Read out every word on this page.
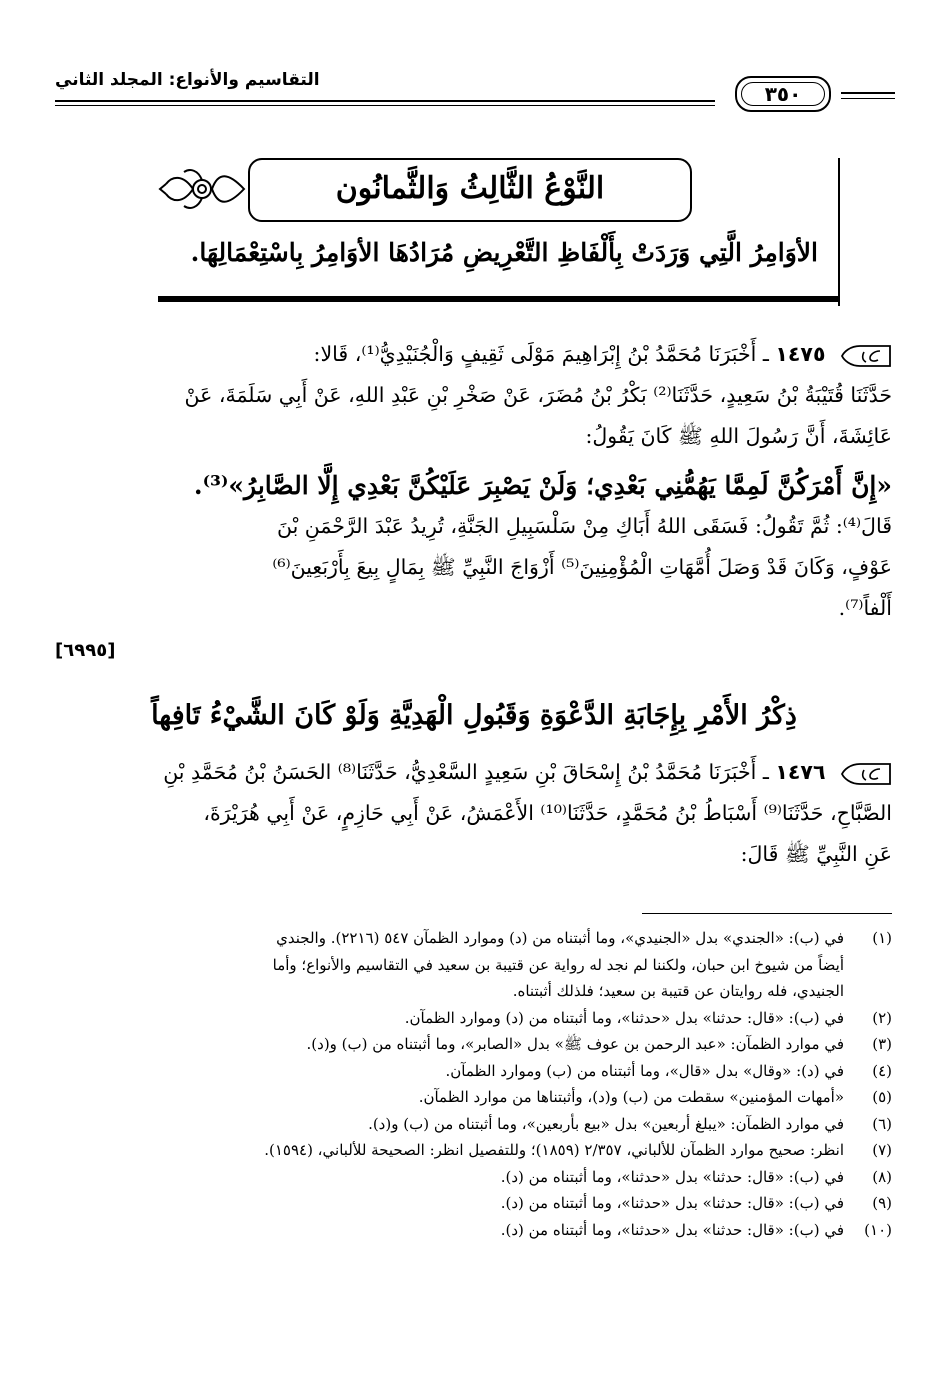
التقاسيم والأنواع: المجلد الثاني
٣٥٠
النَّوْعُ الثَّالِثُ وَالثَّمانُون
الأوَامِرُ الَّتِي وَرَدَتْ بِأَلْفَاظِ التَّعْرِيضِ مُرَادُهَا الأوَامِرُ بِاسْتِعْمَالِهَا.
١٤٧٥ ـ أَخْبَرَنَا مُحَمَّدُ بْنُ إِبْرَاهِيمَ مَوْلَى ثَقِيفٍ وَالْجُنَيْدِيُّ⁽¹⁾، قَالا:
حَدَّثَنَا قُتَيْبَةُ بْنُ سَعِيدٍ، حَدَّثَنَا⁽²⁾ بَكْرُ بْنُ مُضَرَ، عَنْ صَخْرِ بْنِ عَبْدِ اللهِ، عَنْ أَبِي سَلَمَةَ، عَنْ
عَائِشَةَ، أَنَّ رَسُولَ اللهِ ﷺ كَانَ يَقُولُ:
«إِنَّ أَمْرَكُنَّ لَمِمَّا يَهُمُّنِي بَعْدِي؛ وَلَنْ يَصْبِرَ عَلَيْكُنَّ بَعْدِي إِلَّا الصَّابِرُ»⁽³⁾.
قَالَ⁽⁴⁾: ثُمَّ تَقُولُ: فَسَقَى اللهُ أَبَاكِ مِنْ سَلْسَبِيلِ الجَنَّةِ، تُرِيدُ عَبْدَ الرَّحْمَنِ بْنَ
عَوْفٍ، وَكَانَ قَدْ وَصَلَ أُمَّهَاتِ الْمُؤْمِنِينَ⁽⁵⁾ أَزْوَاجَ النَّبِيِّ ﷺ بِمَالٍ بِيعَ بِأَرْبَعِينَ⁽⁶⁾
أَلْفاً⁽⁷⁾.
[٦٩٩٥]
ذِكْرُ الأَمْرِ بِإِجَابَةِ الدَّعْوَةِ وَقَبُولِ الْهَدِيَّةِ وَلَوْ كَانَ الشَّيْءُ تَافِهاً
١٤٧٦ ـ أَخْبَرَنَا مُحَمَّدُ بْنُ إِسْحَاقَ بْنِ سَعِيدٍ السَّعْدِيُّ، حَدَّثَنَا⁽⁸⁾ الحَسَنُ بْنُ مُحَمَّدِ بْنِ
الصَّبَّاحِ، حَدَّثَنَا⁽⁹⁾ أَسْبَاطُ بْنُ مُحَمَّدٍ، حَدَّثَنَا⁽¹⁰⁾ الأَعْمَشُ، عَنْ أَبِي حَازِمٍ، عَنْ أَبِي هُرَيْرَةَ،
عَنِ النَّبِيِّ ﷺ قَالَ:
(١)
في (ب): «الجندي» بدل «الجنيدي»، وما أثبتناه من (د) وموارد الظمآن ٥٤٧ (٢٢١٦). والجندي
أيضاً من شيوخ ابن حبان، ولكننا لم نجد له رواية عن قتيبة بن سعيد في التقاسيم والأنواع؛ وأما
الجنيدي، فله روايتان عن قتيبة بن سعيد؛ فلذلك أثبتناه.
(٢)
في (ب): «قال: حدثنا» بدل «حدثنا»، وما أثبتناه من (د) وموارد الظمآن.
(٣)
في موارد الظمآن: «عبد الرحمن بن عوف ﷺ» بدل «الصابر»، وما أثبتناه من (ب) و(د).
(٤)
في (د): «وقال» بدل «قال»، وما أثبتناه من (ب) وموارد الظمآن.
(٥)
«أمهات المؤمنين» سقطت من (ب) و(د)، وأثبتناها من موارد الظمآن.
(٦)
في موارد الظمآن: «يبلغ أربعين» بدل «بيع بأربعين»، وما أثبتناه من (ب) و(د).
(٧)
انظر: صحيح موارد الظمآن للألباني، ٢/٣٥٧ (١٨٥٩)؛ وللتفصيل انظر: الصحيحة للألباني، (١٥٩٤).
(٨)
في (ب): «قال: حدثنا» بدل «حدثنا»، وما أثبتناه من (د).
(٩)
في (ب): «قال: حدثنا» بدل «حدثنا»، وما أثبتناه من (د).
(١٠)
في (ب): «قال: حدثنا» بدل «حدثنا»، وما أثبتناه من (د).
